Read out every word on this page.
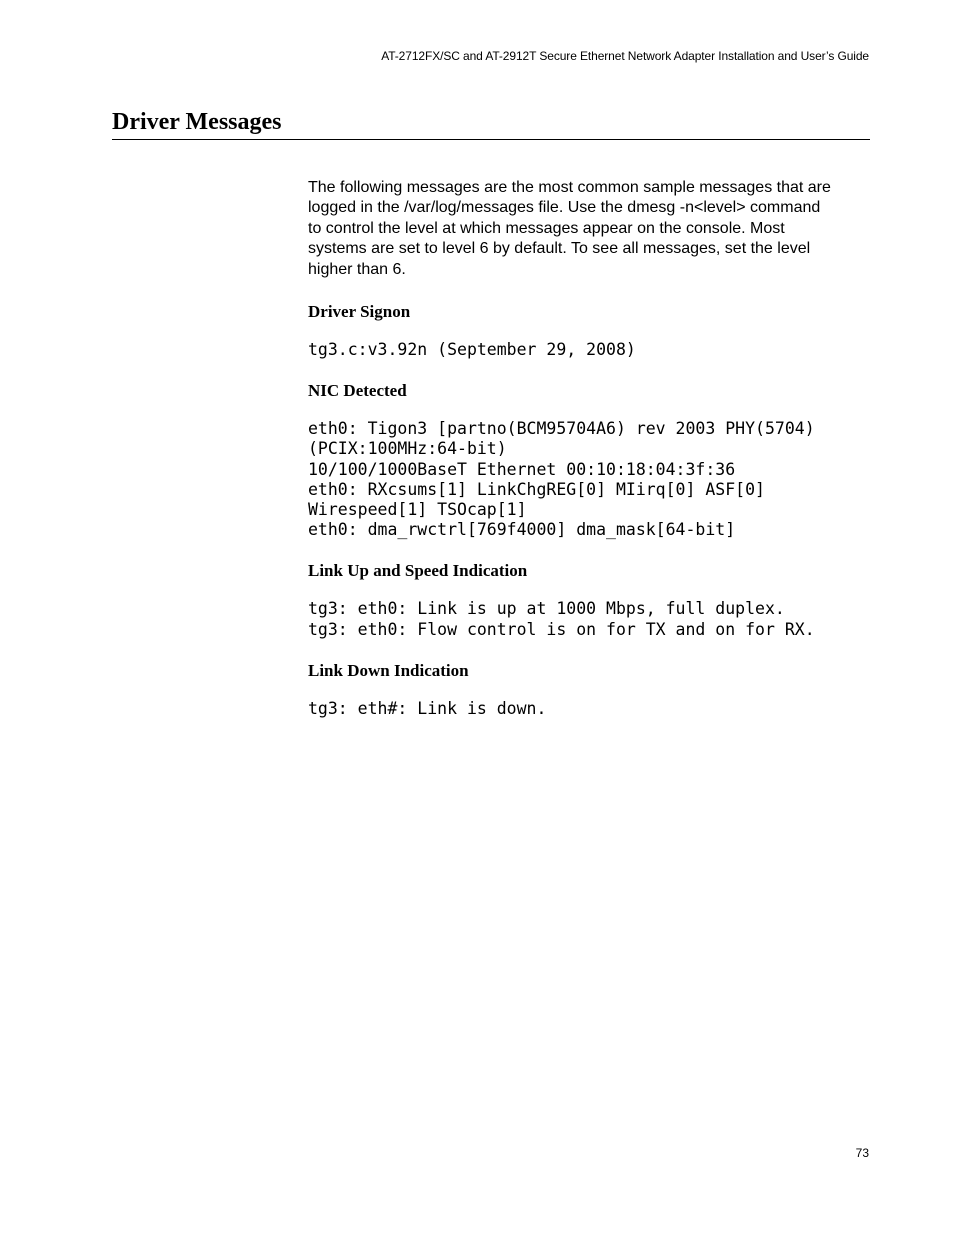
AT-2712FX/SC and AT-2912T Secure Ethernet Network Adapter Installation and User’s Guide
Driver Messages

The following messages are the most common sample messages that are
logged in the /var/log/messages file. Use the dmesg -n<level> command
to control the level at which messages appear on the console. Most
systems are set to level 6 by default. To see all messages, set the level
higher than 6.

Driver Signon
tg3.c:v3.92n (September 29, 2008)
NIC Detected
eth0: Tigon3 [partno(BCM95704A6) rev 2003 PHY(5704)
(PCIX:100MHz:64-bit)
10/100/1000BaseT Ethernet 00:10:18:04:3f:36
eth0: RXcsums[1] LinkChgREG[0] MIirq[0] ASF[0]
Wirespeed[1] TSOcap[1]
eth0: dma_rwctrl[769f4000] dma_mask[64-bit]
Link Up and Speed Indication
tg3: eth0: Link is up at 1000 Mbps, full duplex.
tg3: eth0: Flow control is on for TX and on for RX.
Link Down Indication
tg3: eth#: Link is down.
73
